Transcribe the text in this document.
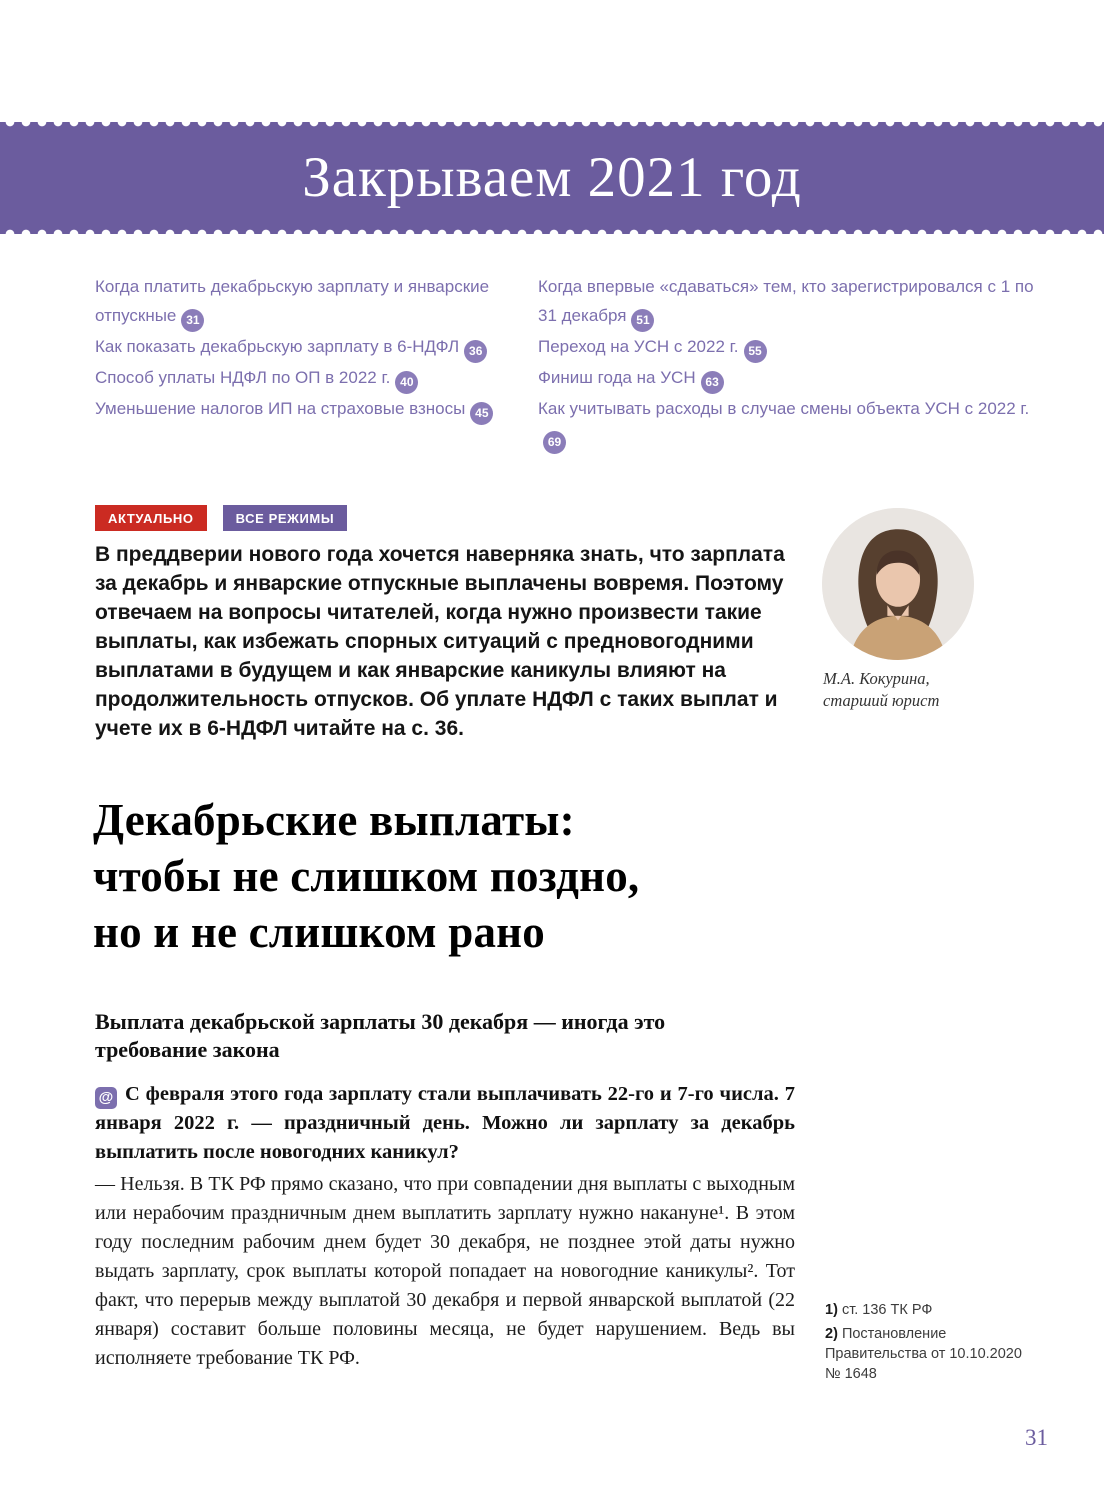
Закрываем 2021 год
Когда платить декабрьскую зарплату и январские отпускные 31
Как показать декабрьскую зарплату в 6-НДФЛ 36
Способ уплаты НДФЛ по ОП в 2022 г. 40
Уменьшение налогов ИП на страховые взносы 45
Когда впервые «сдаваться» тем, кто зарегистрировался с 1 по 31 декабря 51
Переход на УСН с 2022 г. 55
Финиш года на УСН 63
Как учитывать расходы в случае смены объекта УСН с 2022 г.69
АКТУАЛЬНО	ВСЕ РЕЖИМЫ
В преддверии нового года хочется наверняка знать, что зарплата за декабрь и январские отпускные выплачены вовремя. Поэтому отвечаем на вопросы читателей, когда нужно произвести такие выплаты, как избежать спорных ситуаций с предновогодними выплатами в будущем и как январские каникулы влияют на продолжительность отпусков. Об уплате НДФЛ с таких выплат и учете их в 6-НДФЛ читайте на с. 36.
М.А. Кокурина,
старший юрист
Декабрьские выплаты:
чтобы не слишком поздно,
но и не слишком рано
Выплата декабрьской зарплаты 30 декабря — иногда это требование закона
@ С февраля этого года зарплату стали выплачивать 22-го и 7-го числа. 7 января 2022 г. — праздничный день. Можно ли зарплату за декабрь выплатить после новогодних каникул?
— Нельзя. В ТК РФ прямо сказано, что при совпадении дня выплаты с выходным или нерабочим праздничным днем выплатить зарплату нужно накануне¹. В этом году последним рабочим днем будет 30 декабря, не позднее этой даты нужно выдать зарплату, срок выплаты которой попадает на новогодние каникулы². Тот факт, что перерыв между выплатой 30 декабря и первой январской выплатой (22 января) составит больше половины месяца, не будет нарушением. Ведь вы исполняете требование ТК РФ.
1) ст. 136 ТК РФ
2) Постановление Правительства от 10.10.2020 № 1648
31
